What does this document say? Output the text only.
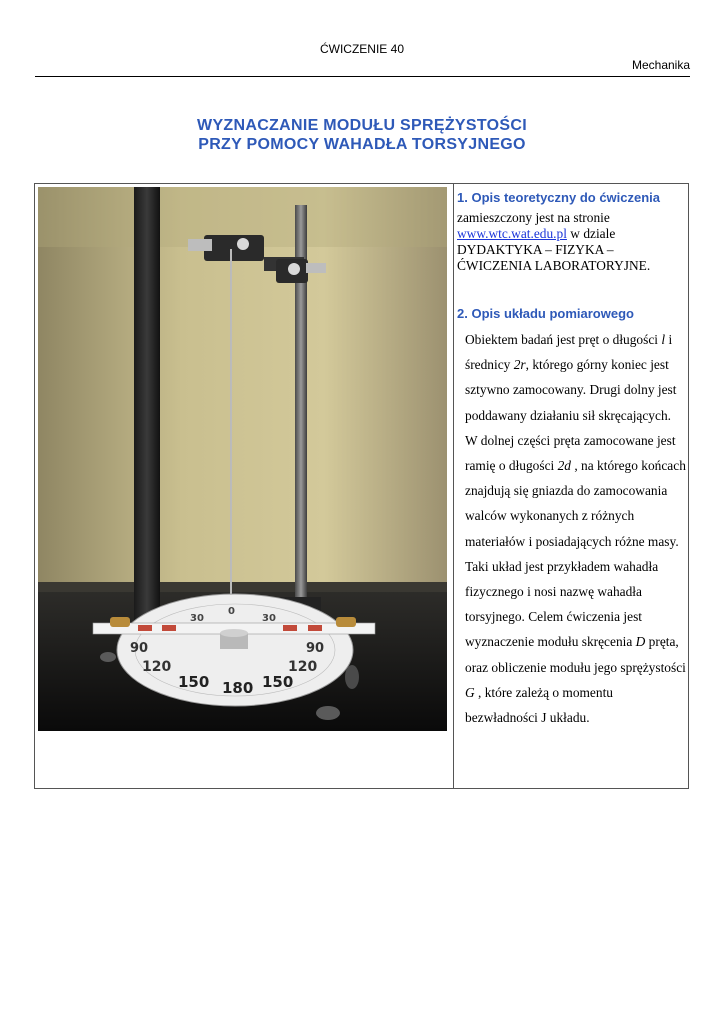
ĆWICZENIE 40
Mechanika
WYZNACZANIE MODUŁU SPRĘŻYSTOŚCI
PRZY POMOCY WAHADŁA TORSYJNEGO
30
0
30
90	90
120	120
150 180 150
1. Opis teoretyczny do ćwiczenia

zamieszczony jest na stronie
www.wtc.wat.edu.pl w dziale DYDAKTYKA – FIZYKA – ĆWICZENIA LABORATORYJNE.

2. Opis układu pomiarowego

Obiektem badań jest pręt o długości l i średnicy 2r, którego górny koniec jest sztywno zamocowany. Drugi dolny jest poddawany działaniu sił skręcających.

W dolnej części pręta zamocowane jest ramię o długości 2d , na którego końcach znajdują się gniazda do zamocowania walców wykonanych z różnych materiałów i posiadających różne masy.

Taki układ jest przykładem wahadła fizycznego i nosi nazwę wahadła torsyjnego. Celem ćwiczenia jest wyznaczenie modułu skręcenia D pręta, oraz obliczenie modułu jego sprężystości G , które zależą o momentu bezwładności J układu.
